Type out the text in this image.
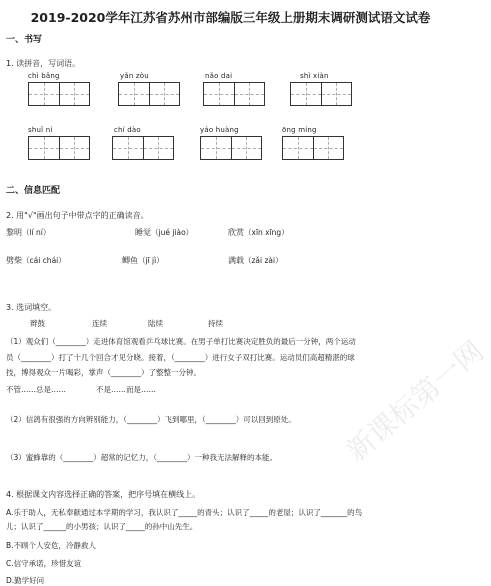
2019-2020学年江苏省苏州市部编版三年级上册期末调研测试语文试卷
一、书写
1. 读拼音，写词语。
chì bǎng	yǎn zòu	nǎo dai	shì xiàn
shuǐ ní	chí dào	yáo huàng	ōng míng
二、信息匹配
2. 用"√"画出句子中带点字的正确读音。
黎明（lí ní）	睡觉（jué jiào）	欣赏（xīn xīng）
劈柴（cái chái）	鲫鱼（jī jì）	满载（zǎi zài）
3. 选词填空。
辫鼓	连续	陆续	持续
（1）观众们（________）走进体育馆观看乒乓球比赛。在男子单打比赛决定胜负的最后一分钟，两个运动
员（________）打了十几个回合才见分晓。接着，（________）进行女子双打比赛。运动员们高超精湛的球
技，博得观众一片喝彩，掌声（________）了整整一分钟。
不管……总是……　　　　不是……而是……
（2）信鸽有很强的方向辨别能力，（________）飞到哪里，（________）可以回到原处。
（3）蜜蜂靠的（________）超常的记忆力，（________）一种我无法解释的本能。
4. 根据课文内容选择正确的答案，把序号填在横线上。
A.乐于助人，无私奉献通过本学期的学习，我认识了_____的青头；认识了_____的老屋；认识了_______的鸟
儿；认识了______的小男孩；认识了_____的孙中山先生。
B.不顾个人安危，冷静救人
C.信守承诺，珍惜友谊
D.勤学好问
新课标第一网
